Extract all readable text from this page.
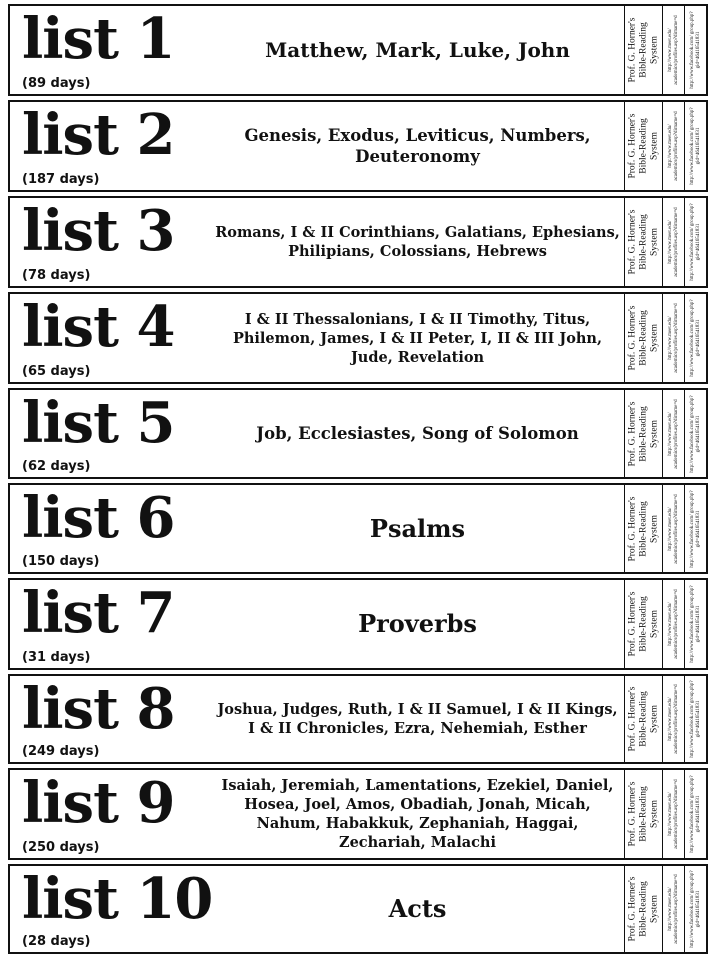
list 1
(89 days)
Matthew, Mark, Luke, John	Prof. G. Horner's Bible-Reading System http://www.meet.edu/ academics/profiles.asp?dirname=d http://www.facebook.com/ group.php?gid=46416541831
list 2
(187 days)
Genesis, Exodus, Leviticus, Numbers, Deuteronomy	Prof. G. Horner's Bible-Reading System http://www.meet.edu/ academics/profiles.asp?dirname=d http://www.facebook.com/ group.php?gid=46416541831
list 3
(78 days)
Romans, I & II Corinthians, Galatians, Ephesians, Philipians, Colossians, Hebrews	Prof. G. Horner's Bible-Reading System http://www.meet.edu/ academics/profiles.asp?dirname=d http://www.facebook.com/ group.php?gid=46416541831
list 4
(65 days)
I & II Thessalonians, I & II Timothy, Titus, Philemon, James, I & II Peter, I, II & III John, Jude, Revelation	Prof. G. Horner's Bible-Reading System http://www.meet.edu/ academics/profiles.asp?dirname=d http://www.facebook.com/ group.php?gid=46416541831
list 5
(62 days)
Job, Ecclesiastes, Song of Solomon	Prof. G. Horner's Bible-Reading System http://www.meet.edu/ academics/profiles.asp?dirname=d http://www.facebook.com/ group.php?gid=46416541831
list 6
(150 days)
Psalms	Prof. G. Horner's Bible-Reading System http://www.meet.edu/ academics/profiles.asp?dirname=d http://www.facebook.com/ group.php?gid=46416541831
list 7
(31 days)
Proverbs	Prof. G. Horner's Bible-Reading System http://www.meet.edu/ academics/profiles.asp?dirname=d http://www.facebook.com/ group.php?gid=46416541831
list 8
(249 days)
Joshua, Judges, Ruth, I & II Samuel, I & II Kings, I & II Chronicles, Ezra, Nehemiah, Esther	Prof. G. Horner's Bible-Reading System http://www.meet.edu/ academics/profiles.asp?dirname=d http://www.facebook.com/ group.php?gid=46416541831
list 9
(250 days)
Isaiah, Jeremiah, Lamentations, Ezekiel, Daniel, Hosea, Joel, Amos, Obadiah, Jonah, Micah, Nahum, Habakkuk, Zephaniah, Haggai, Zechariah, Malachi	Prof. G. Horner's Bible-Reading System http://www.meet.edu/ academics/profiles.asp?dirname=d http://www.facebook.com/ group.php?gid=46416541831
list 10
(28 days)
Acts	Prof. G. Horner's Bible-Reading System http://www.meet.edu/ academics/profiles.asp?dirname=d http://www.facebook.com/ group.php?gid=46416541831
